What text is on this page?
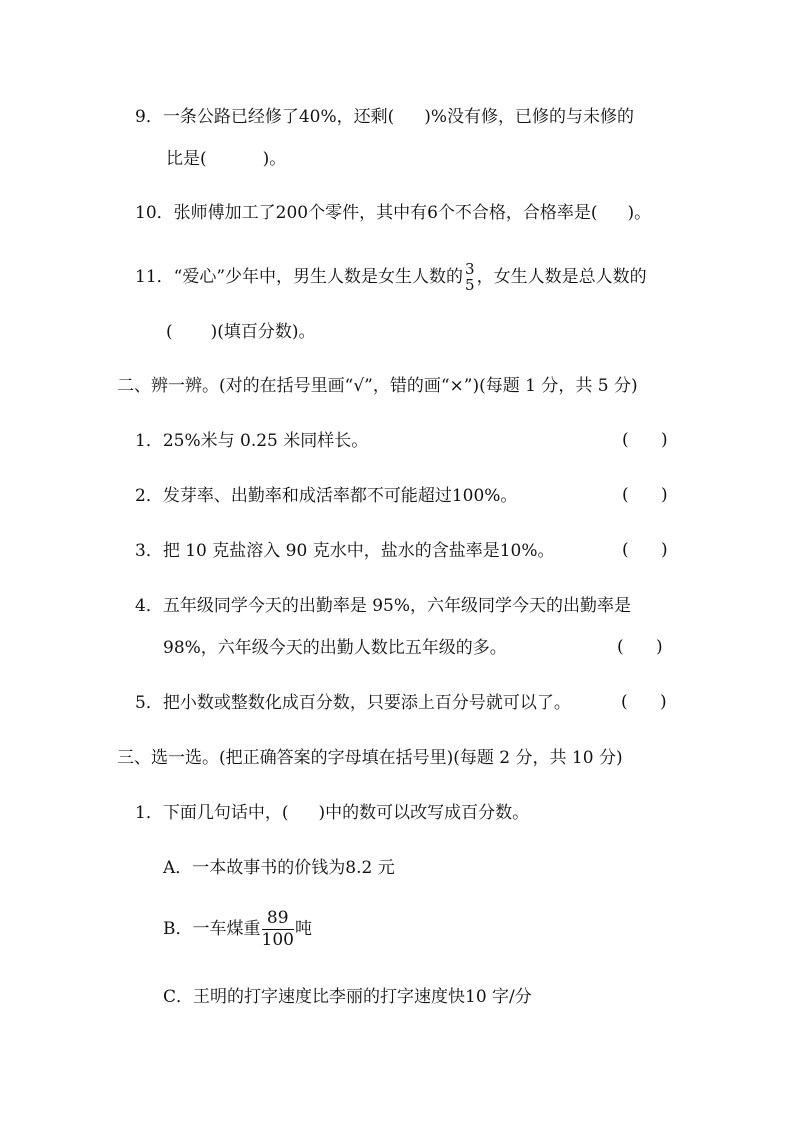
9．一条公路已经修了40%，还剩( )%没有修，已修的与未修的
比是(	)。
10．张师傅加工了200个零件，其中有6个不合格，合格率是( )。
11．“爱心”少年中，男生人数是女生人数的 3
5 ，女生人数是总人数的
( )(填百分数)。
二、辨一辨。(对的在括号里画“√”，错的画“×”)(每题 1 分，共 5 分)
1．25%米与 0.25 米同样长。	(      )
2．发芽率、出勤率和成活率都不可能超过100%。	(      )
3．把 10 克盐溶入 90 克水中，盐水的含盐率是10%。	(      )
4．五年级同学今天的出勤率是 95%，六年级同学今天的出勤率是
98%，六年级今天的出勤人数比五年级的多。	(      )
5．把小数或整数化成百分数，只要添上百分号就可以了。	(      )
三、选一选。(把正确答案的字母填在括号里)(每题 2 分，共 10 分)
1．下面几句话中，( )中的数可以改写成百分数。
A．一本故事书的价钱为8.2 元
B．一车煤重 $\frac{89}{100}$ 吨
C．王明的打字速度比李丽的打字速度快10 字/分
